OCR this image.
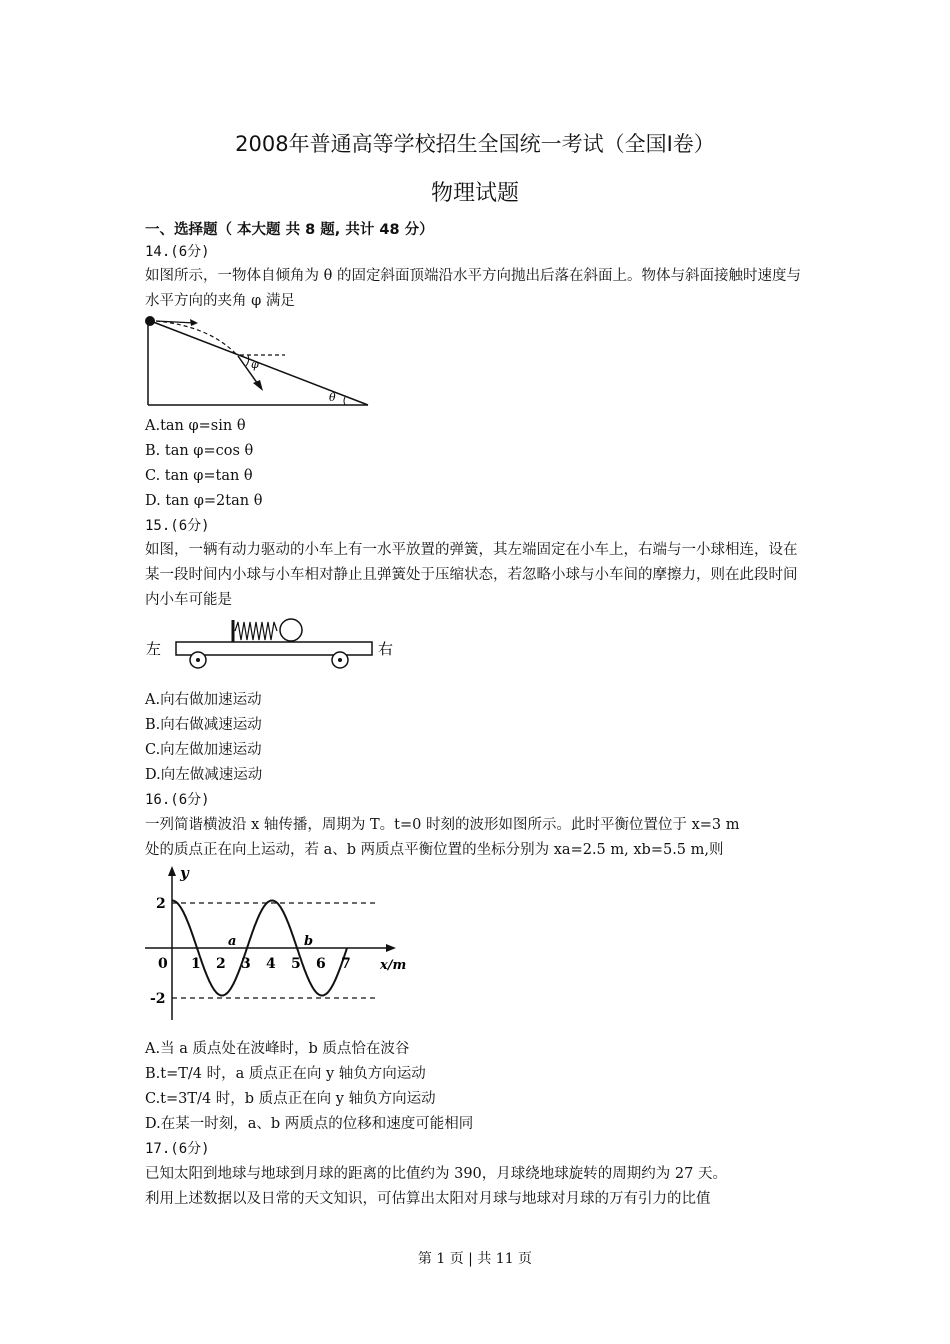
2008年普通高等学校招生全国统一考试（全国Ⅰ卷）
物理试题
一、选择题（ 本大题 共 8 题, 共计 48 分）
14.(6分)
如图所示，一物体自倾角为 θ 的固定斜面顶端沿水平方向抛出后落在斜面上。物体与斜面接触时速度与水平方向的夹角 φ 满足
φ
θ
A.tan φ=sin θ
B. tan φ=cos θ
C. tan φ=tan θ
D. tan φ=2tan θ
15.(6分)
如图，一辆有动力驱动的小车上有一水平放置的弹簧，其左端固定在小车上，右端与一小球相连，设在某一段时间内小球与小车相对静止且弹簧处于压缩状态，若忽略小球与小车间的摩擦力，则在此段时间内小车可能是
左	右
A.向右做加速运动
B.向右做减速运动
C.向左做加速运动
D.向左做减速运动
16.(6分)
一列简谐横波沿 x 轴传播，周期为 T。t=0 时刻的波形如图所示。此时平衡位置位于 x=3 m
处的质点正在向上运动，若 a、b 两质点平衡位置的坐标分别为 xa=2.5 m, xb=5.5 m,则
y
2
-2
0 1 2 3 4 5 6 7
a	b
x/m
A.当 a 质点处在波峰时，b 质点恰在波谷
B.t=T/4 时，a 质点正在向 y 轴负方向运动
C.t=3T/4 时，b 质点正在向 y 轴负方向运动
D.在某一时刻，a、b 两质点的位移和速度可能相同
17.(6分)
已知太阳到地球与地球到月球的距离的比值约为 390，月球绕地球旋转的周期约为 27 天。
利用上述数据以及日常的天文知识，可估算出太阳对月球与地球对月球的万有引力的比值
第 1 页 | 共 11 页
